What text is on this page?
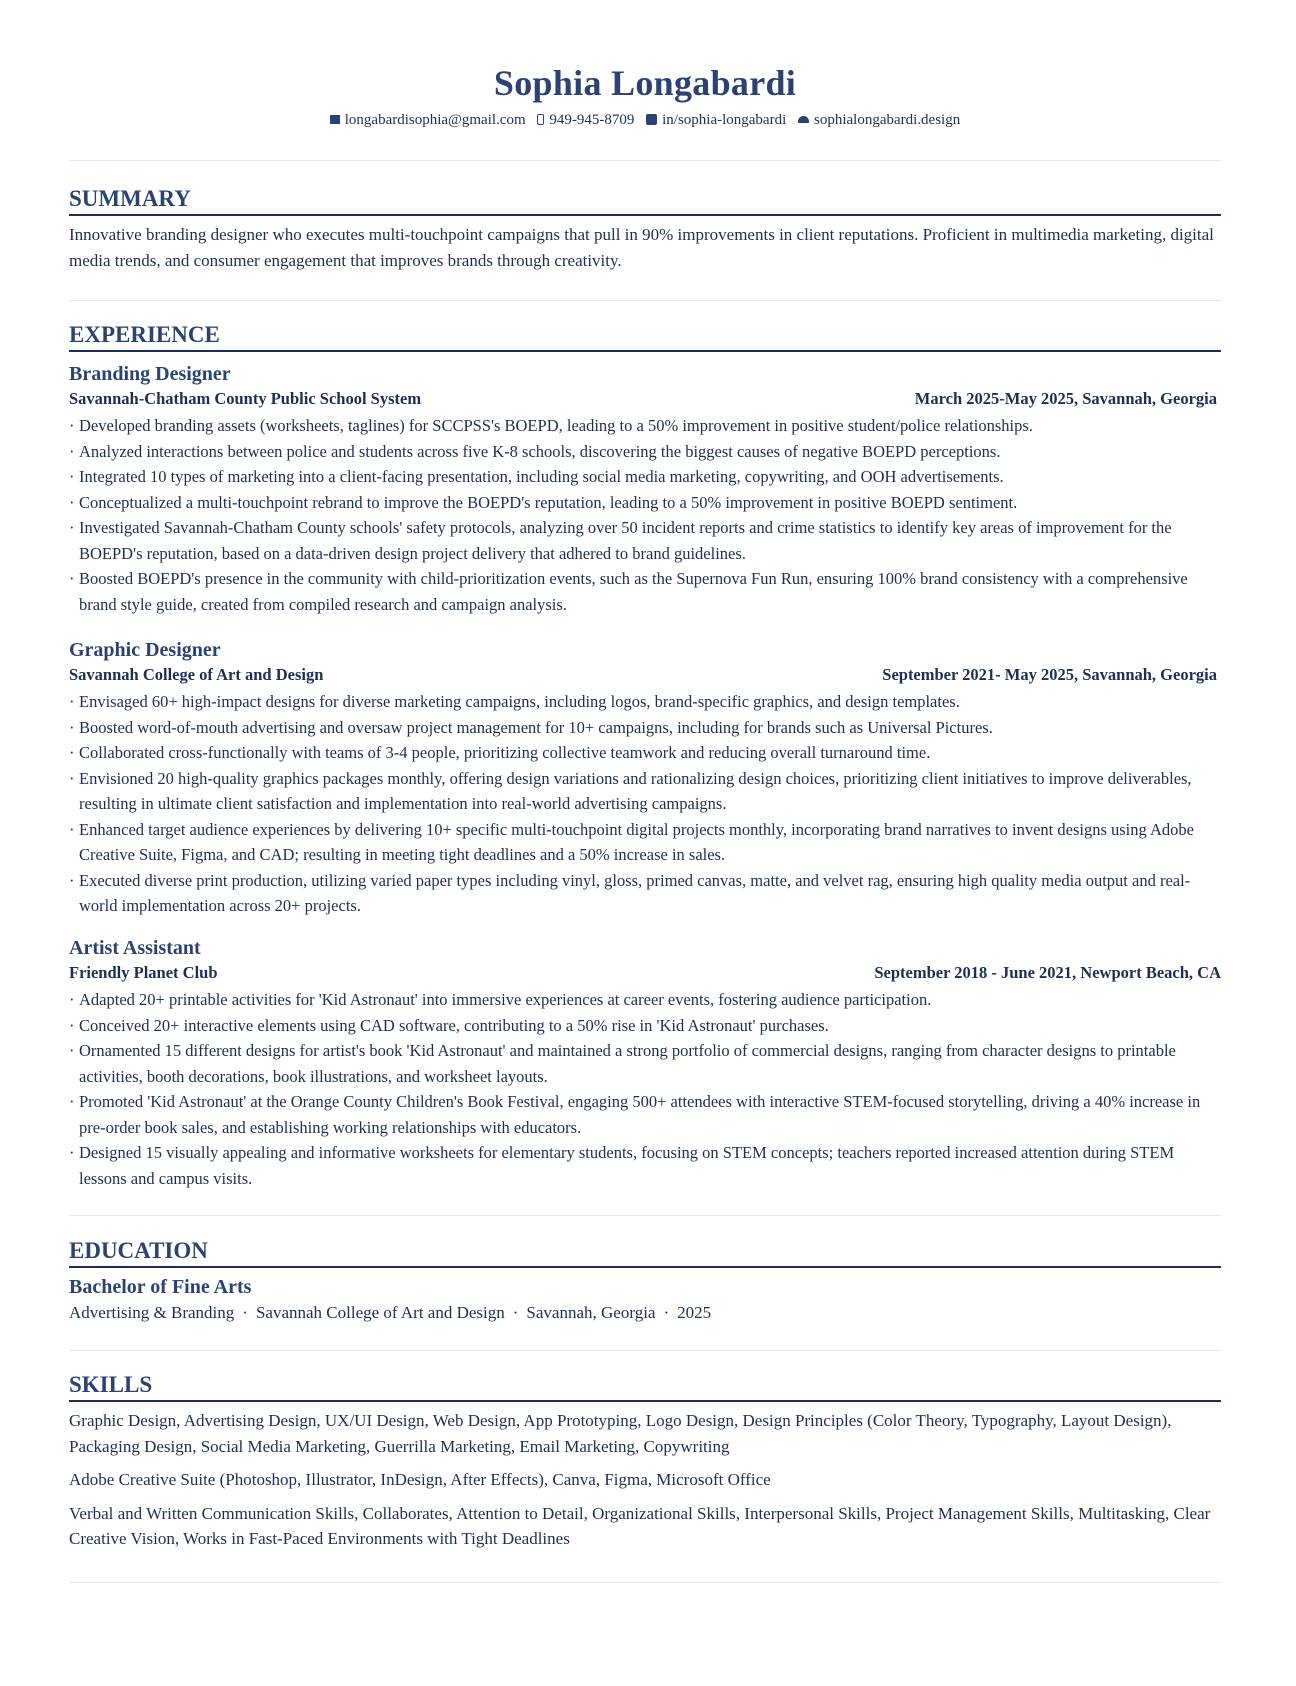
Sophia Longabardi
longabardisophia@gmail.com 949-945-8709 in/sophia-longabardi sophialongabardi.design
SUMMARY
Innovative branding designer who executes multi-touchpoint campaigns that pull in 90% improvements in client reputations. Proficient in multimedia marketing, digital media trends, and consumer engagement that improves brands through creativity.
EXPERIENCE
Branding Designer
Savannah-Chatham County Public School System	March 2025-May 2025, Savannah, Georgia
· Developed branding assets (worksheets, taglines) for SCCPSS's BOEPD, leading to a 50% improvement in positive student/police relationships.
· Analyzed interactions between police and students across five K-8 schools, discovering the biggest causes of negative BOEPD perceptions.
· Integrated 10 types of marketing into a client-facing presentation, including social media marketing, copywriting, and OOH advertisements.
· Conceptualized a multi-touchpoint rebrand to improve the BOEPD's reputation, leading to a 50% improvement in positive BOEPD sentiment.
· Investigated Savannah-Chatham County schools' safety protocols, analyzing over 50 incident reports and crime statistics to identify key areas of improvement for the BOEPD's reputation, based on a data-driven design project delivery that adhered to brand guidelines.
· Boosted BOEPD's presence in the community with child-prioritization events, such as the Supernova Fun Run, ensuring 100% brand consistency with a comprehensive brand style guide, created from compiled research and campaign analysis.
Graphic Designer
Savannah College of Art and Design	September 2021- May 2025, Savannah, Georgia
· Envisaged 60+ high-impact designs for diverse marketing campaigns, including logos, brand-specific graphics, and design templates.
· Boosted word-of-mouth advertising and oversaw project management for 10+ campaigns, including for brands such as Universal Pictures.
· Collaborated cross-functionally with teams of 3-4 people, prioritizing collective teamwork and reducing overall turnaround time.
· Envisioned 20 high-quality graphics packages monthly, offering design variations and rationalizing design choices, prioritizing client initiatives to improve deliverables, resulting in ultimate client satisfaction and implementation into real-world advertising campaigns.
· Enhanced target audience experiences by delivering 10+ specific multi-touchpoint digital projects monthly, incorporating brand narratives to invent designs using Adobe Creative Suite, Figma, and CAD; resulting in meeting tight deadlines and a 50% increase in sales.
· Executed diverse print production, utilizing varied paper types including vinyl, gloss, primed canvas, matte, and velvet rag, ensuring high quality media output and real-world implementation across 20+ projects.
Artist Assistant
Friendly Planet Club	September 2018 - June 2021, Newport Beach, CA
· Adapted 20+ printable activities for 'Kid Astronaut' into immersive experiences at career events, fostering audience participation.
· Conceived 20+ interactive elements using CAD software, contributing to a 50% rise in 'Kid Astronaut' purchases.
· Ornamented 15 different designs for artist's book 'Kid Astronaut' and maintained a strong portfolio of commercial designs, ranging from character designs to printable activities, booth decorations, book illustrations, and worksheet layouts.
· Promoted 'Kid Astronaut' at the Orange County Children's Book Festival, engaging 500+ attendees with interactive STEM-focused storytelling, driving a 40% increase in pre-order book sales, and establishing working relationships with educators.
· Designed 15 visually appealing and informative worksheets for elementary students, focusing on STEM concepts; teachers reported increased attention during STEM lessons and campus visits.
EDUCATION
Bachelor of Fine Arts
Advertising & Branding · Savannah College of Art and Design · Savannah, Georgia · 2025
SKILLS
Graphic Design, Advertising Design, UX/UI Design, Web Design, App Prototyping, Logo Design, Design Principles (Color Theory, Typography, Layout Design), Packaging Design, Social Media Marketing, Guerrilla Marketing, Email Marketing, Copywriting
Adobe Creative Suite (Photoshop, Illustrator, InDesign, After Effects), Canva, Figma, Microsoft Office
Verbal and Written Communication Skills, Collaborates, Attention to Detail, Organizational Skills, Interpersonal Skills, Project Management Skills, Multitasking, Clear Creative Vision, Works in Fast-Paced Environments with Tight Deadlines
